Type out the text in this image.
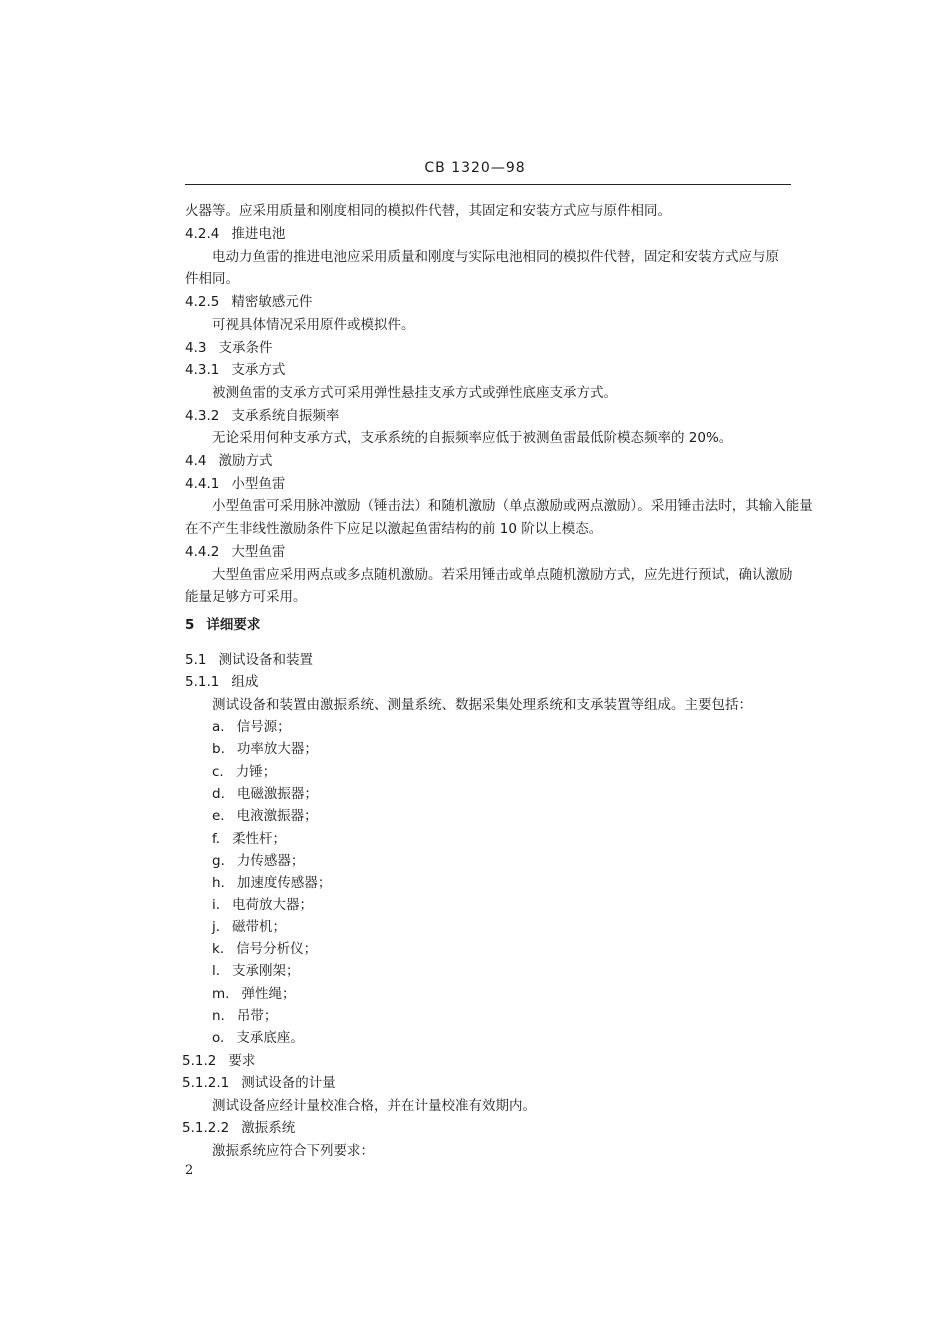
CB 1320—98
火器等。应采用质量和刚度相同的模拟件代替，其固定和安装方式应与原件相同。
4.2.4 推进电池
电动力鱼雷的推进电池应采用质量和刚度与实际电池相同的模拟件代替，固定和安装方式应与原
件相同。
4.2.5 精密敏感元件
可视具体情况采用原件或模拟件。
4.3 支承条件
4.3.1 支承方式
被测鱼雷的支承方式可采用弹性悬挂支承方式或弹性底座支承方式。
4.3.2 支承系统自振频率
无论采用何种支承方式，支承系统的自振频率应低于被测鱼雷最低阶模态频率的 20%。
4.4 激励方式
4.4.1 小型鱼雷
小型鱼雷可采用脉冲激励（锤击法）和随机激励（单点激励或两点激励）。采用锤击法时，其输入能量
在不产生非线性激励条件下应足以激起鱼雷结构的前 10 阶以上模态。
4.4.2 大型鱼雷
大型鱼雷应采用两点或多点随机激励。若采用锤击或单点随机激励方式，应先进行预试，确认激励
能量足够方可采用。
5 详细要求
5.1 测试设备和装置
5.1.1 组成
测试设备和装置由激振系统、测量系统、数据采集处理系统和支承装置等组成。主要包括：
a. 信号源；
b. 功率放大器；
c. 力锤；
d. 电磁激振器；
e. 电液激振器；
f. 柔性杆；
g. 力传感器；
h. 加速度传感器；
i. 电荷放大器；
j. 磁带机；
k. 信号分析仪；
l. 支承刚架；
m. 弹性绳；
n. 吊带；
o. 支承底座。
5.1.2 要求
5.1.2.1 测试设备的计量
测试设备应经计量校准合格，并在计量校准有效期内。
5.1.2.2 激振系统
激振系统应符合下列要求：
2
